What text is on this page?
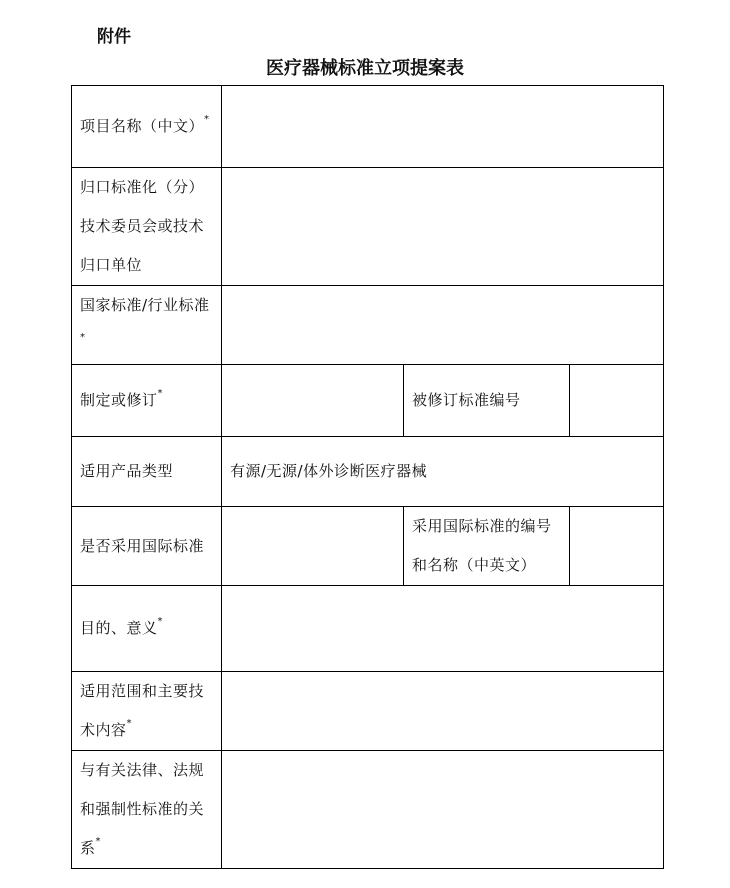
附件
医疗器械标准立项提案表
项目名称（中文）*	
归口标准化（分）技术委员会或技术归口单位			
国家标准/行业标准*	
制定或修订*		被修订标准编号	
适用产品类型	有源/无源/体外诊断医疗器械		
是否采用国际标准		采用国际标准的编号和名称（中英文）	
目的、意义*	
适用范围和主要技术内容*	
与有关法律、法规和强制性标准的关系*	
